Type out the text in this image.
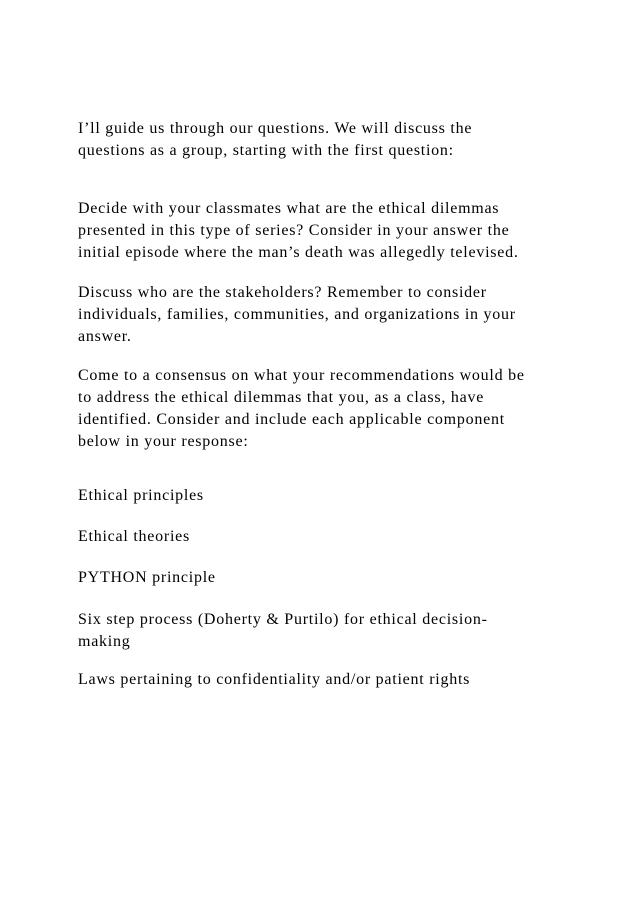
I’ll guide us through our questions. We will discuss the
questions as a group, starting with the first question:

Decide with your classmates what are the ethical dilemmas
presented in this type of series? Consider in your answer the
initial episode where the man’s death was allegedly televised.

Discuss who are the stakeholders? Remember to consider
individuals, families, communities, and organizations in your
answer.

Come to a consensus on what your recommendations would be
to address the ethical dilemmas that you, as a class, have
identified. Consider and include each applicable component
below in your response:

Ethical principles

Ethical theories

PYTHON principle

Six step process (Doherty & Purtilo) for ethical decision-
making

Laws pertaining to confidentiality and/or patient rights
